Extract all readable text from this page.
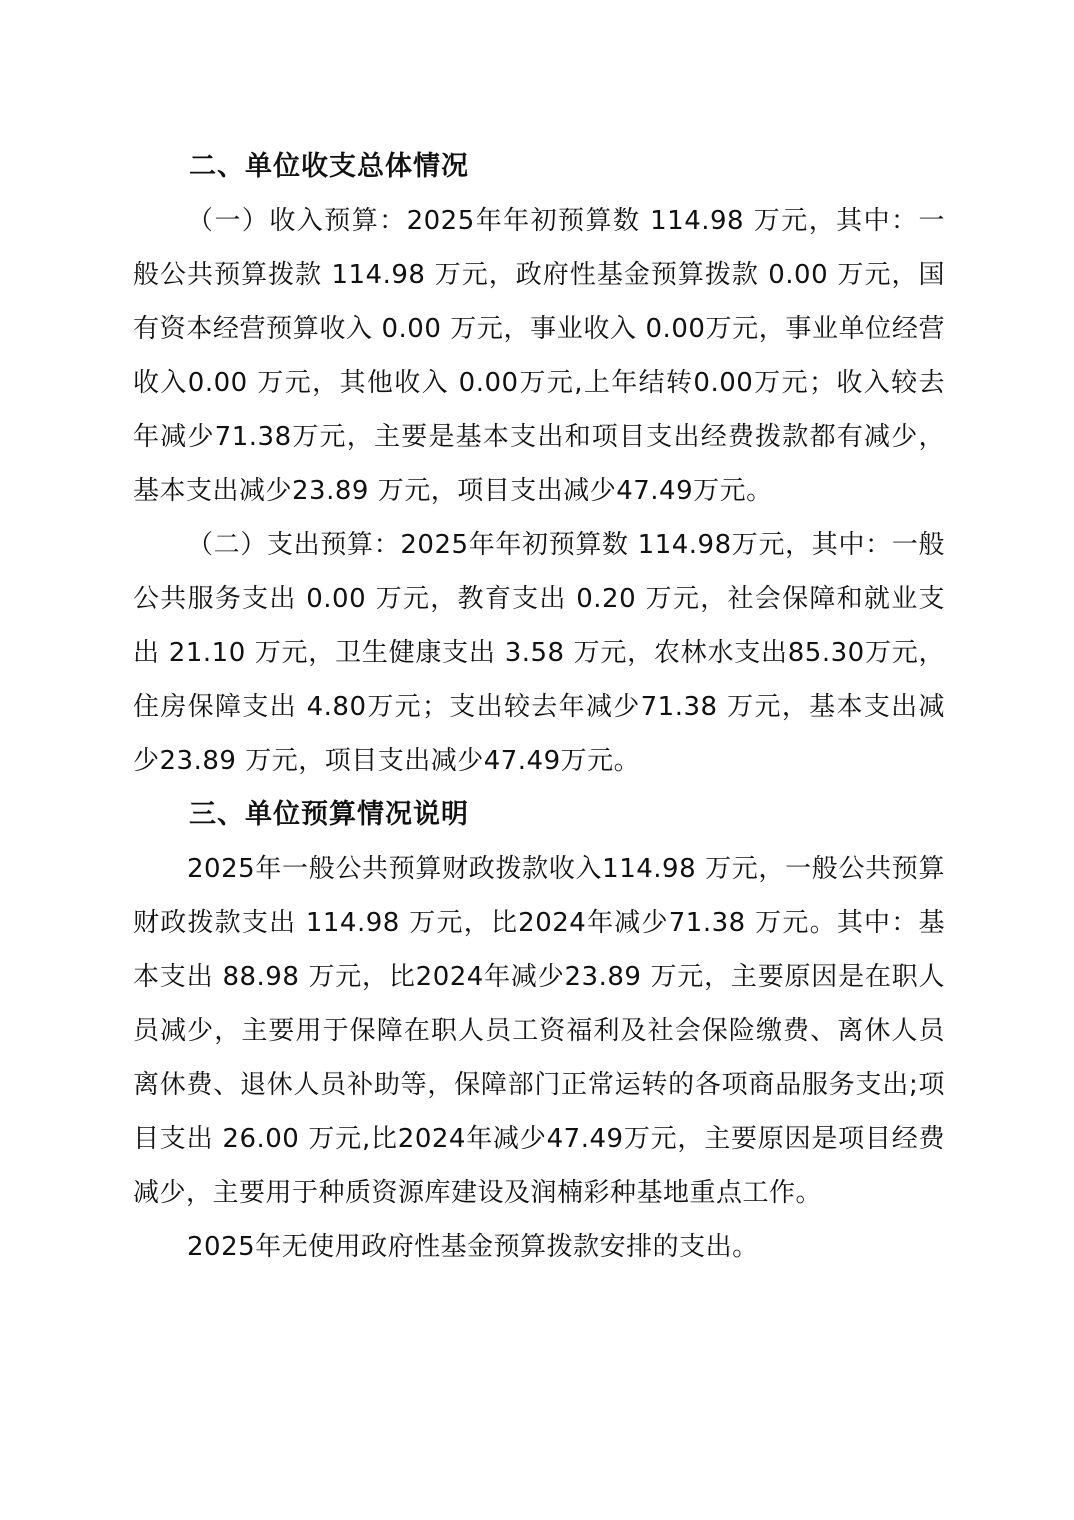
二、单位收支总体情况

（一）收入预算：2025年年初预算数 114.98 万元，其中：一般公共预算拨款 114.98 万元，政府性基金预算拨款 0.00 万元，国有资本经营预算收入 0.00 万元，事业收入 0.00万元，事业单位经营收入0.00 万元，其他收入 0.00万元,上年结转0.00万元；收入较去年减少71.38万元，主要是基本支出和项目支出经费拨款都有减少，基本支出减少23.89 万元，项目支出减少47.49万元。

（二）支出预算：2025年年初预算数 114.98万元，其中：一般公共服务支出 0.00 万元，教育支出 0.20 万元，社会保障和就业支出 21.10 万元，卫生健康支出 3.58 万元，农林水支出85.30万元，住房保障支出 4.80万元；支出较去年减少71.38 万元，基本支出减少23.89 万元，项目支出减少47.49万元。

三、单位预算情况说明

2025年一般公共预算财政拨款收入114.98 万元，一般公共预算财政拨款支出 114.98 万元，比2024年减少71.38 万元。其中：基本支出 88.98 万元，比2024年减少23.89 万元，主要原因是在职人员减少，主要用于保障在职人员工资福利及社会保险缴费、离休人员离休费、退休人员补助等，保障部门正常运转的各项商品服务支出;项目支出 26.00 万元,比2024年减少47.49万元，主要原因是项目经费减少，主要用于种质资源库建设及润楠彩种基地重点工作。

2025年无使用政府性基金预算拨款安排的支出。
